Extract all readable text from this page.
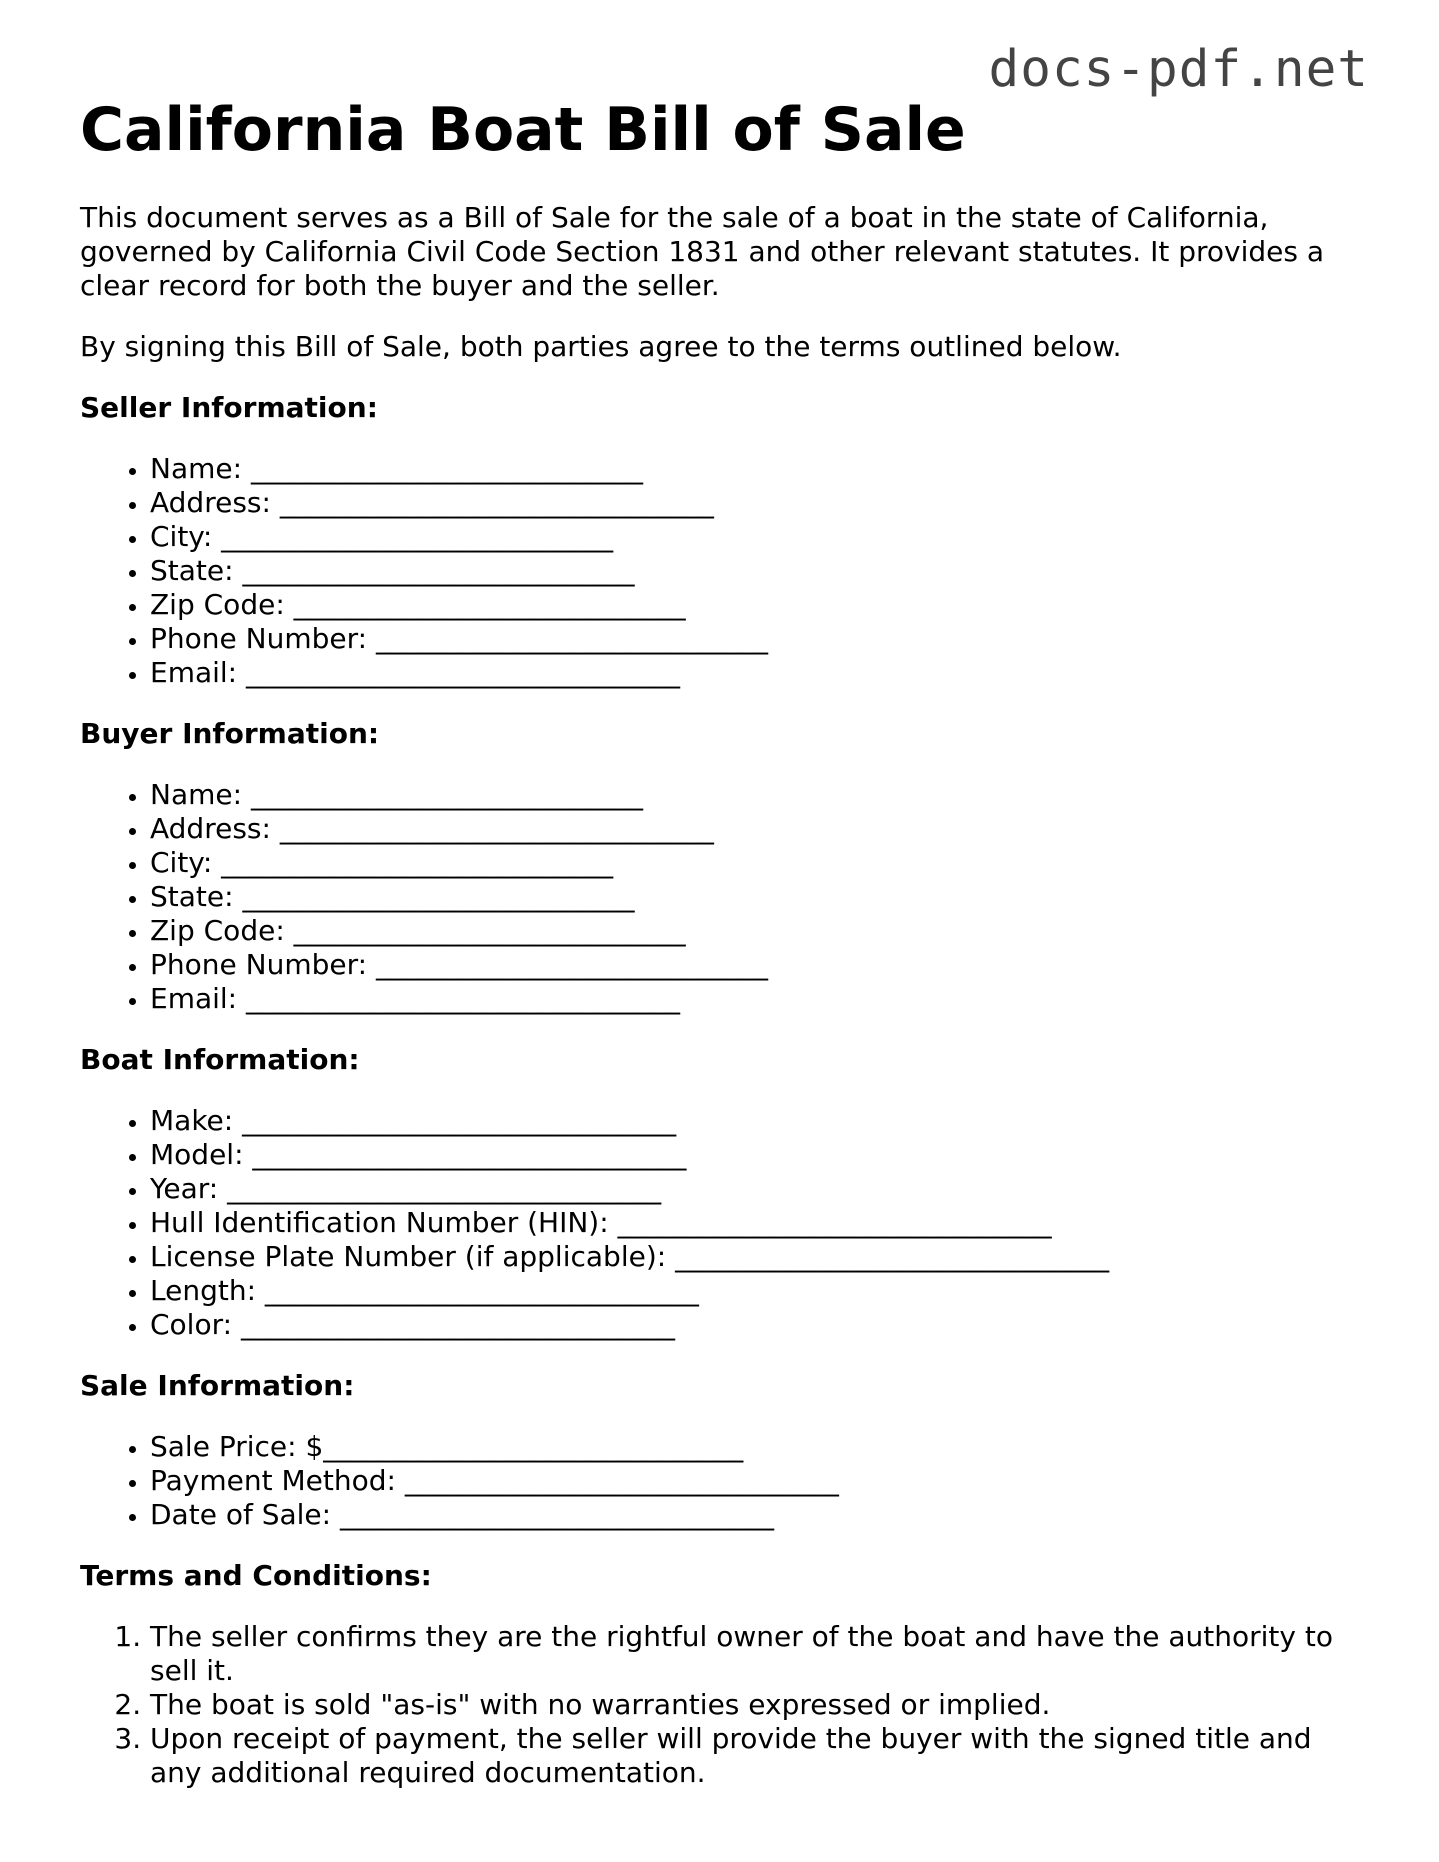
docs-pdf.net
California Boat Bill of Sale

This document serves as a Bill of Sale for the sale of a boat in the state of California, governed by California Civil Code Section 1831 and other relevant statutes. It provides a clear record for both the buyer and the seller.

By signing this Bill of Sale, both parties agree to the terms outlined below.

Seller Information:
• Name: ____________________________
• Address: _______________________________
• City: ____________________________
• State: ____________________________
• Zip Code: ____________________________
• Phone Number: ____________________________
• Email: _______________________________
Buyer Information:
• Name: ____________________________
• Address: _______________________________
• City: ____________________________
• State: ____________________________
• Zip Code: ____________________________
• Phone Number: ____________________________
• Email: _______________________________
Boat Information:
• Make: _______________________________
• Model: _______________________________
• Year: _______________________________
• Hull Identification Number (HIN): _______________________________
• License Plate Number (if applicable): _______________________________
• Length: _______________________________
• Color: _______________________________
Sale Information:
• Sale Price: $______________________________
• Payment Method: _______________________________
• Date of Sale: _______________________________
Terms and Conditions:
1. The seller confirms they are the rightful owner of the boat and have the authority to sell it.
2. The boat is sold "as-is" with no warranties expressed or implied.
3. Upon receipt of payment, the seller will provide the buyer with the signed title and any additional required documentation.
